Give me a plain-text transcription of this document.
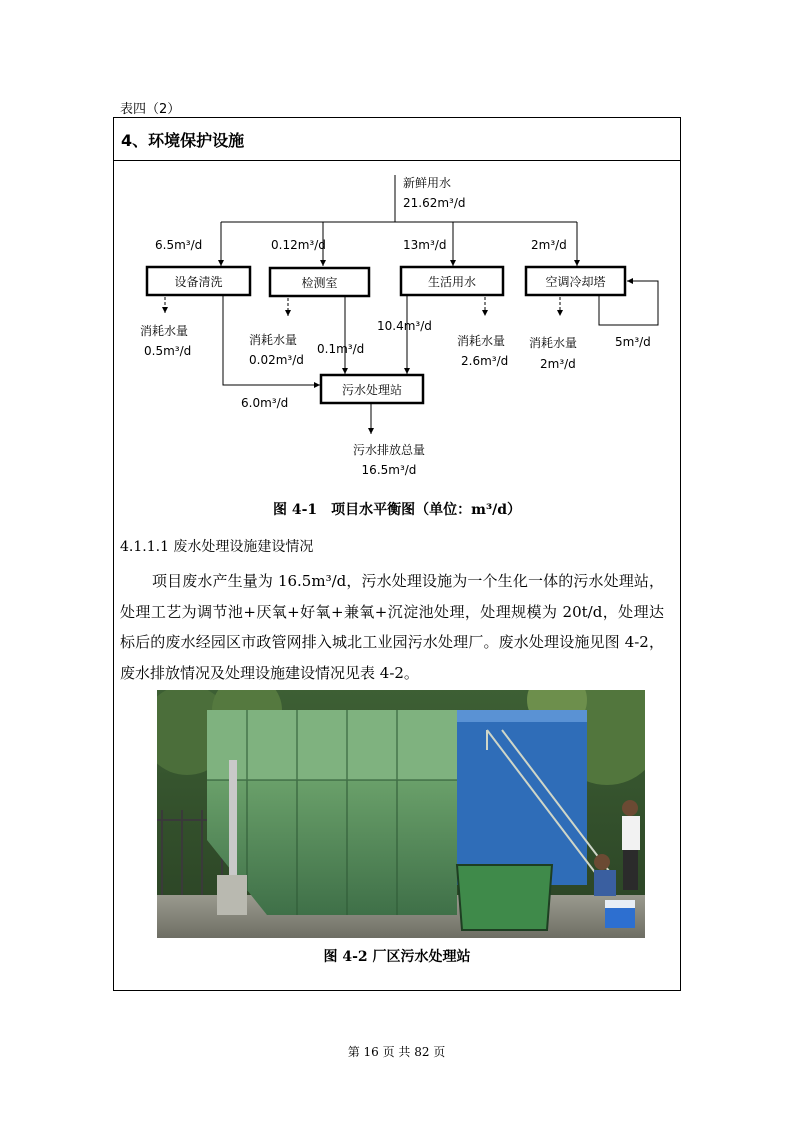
表四（2）
4、环境保护设施
新鲜用水
21.62m³/d
6.5m³/d	0.12m³/d	13m³/d	2m³/d
设备清洗	检测室	生活用水	空调冷却塔
消耗水量
0.5m³/d
消耗水量
0.02m³/d
消耗水量
2.6m³/d
消耗水量
2m³/d
5m³/d
6.0m³/d
0.1m³/d
10.4m³/d
污水处理站
污水排放总量
16.5m³/d
图 4-1　项目水平衡图（单位：m³/d）
4.1.1.1 废水处理设施建设情况

项目废水产生量为 16.5m³/d，污水处理设施为一个生化一体的污水处理站，处理工艺为调节池+厌氧+好氧+兼氧+沉淀池处理，处理规模为 20t/d，处理达标后的废水经园区市政管网排入城北工业园污水处理厂。废水处理设施见图 4-2，废水排放情况及处理设施建设情况见表 4-2。

图 4-2 厂区污水处理站
第 16 页 共 82 页
